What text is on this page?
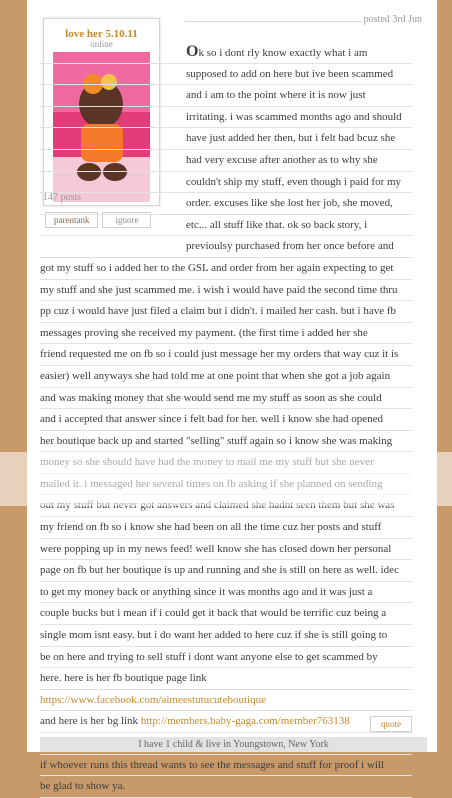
posted 3rd Jun
love her 5.10.11
online
147 posts
parentank	ignore
Ok so i dont rly know exactly what i am
supposed to add on here but ive been scammed
and i am to the point where it is now just
irritating. i was scammed months ago and should
have just added her then, but i felt bad bcuz she
had very excuse after another as to why she
couldn't ship my stuff, even though i paid for my
order. excuses like she lost her job, she moved,
etc... all stuff like that. ok so back story, i
previoulsy purchased from her once before and
got my stuff so i added her to the GSL and order from her again expecting to get
my stuff and she just scammed me. i wish i would have paid the second time thru
pp cuz i would have just filed a claim but i didn't. i mailed her cash. but i have fb
messages proving she received my payment. (the first time i added her she
friend requested me on fb so i could just message her my orders that way cuz it is
easier) well anyways she had told me at one point that when she got a job again
and was making money that she would send me my stuff as soon as she could
and i accepted that answer since i felt bad for her. well i know she had opened
her boutique back up and started "selling" stuff again so i know she was making
my friend on fb so i know she had been on all the time cuz her posts and stuff
were popping up in my news feed! well know she has closed down her personal
page on fb but her boutique is up and running and she is still on here as well. idec
to get my money back or anything since it was months ago and it was just a
couple bucks but i mean if i could get it back that would be terrific cuz being a
single mom isnt easy. but i do want her added to here cuz if she is still going to
be on here and trying to sell stuff i dont want anyone else to get scammed by
here. here is her fb boutique page link
https://www.facebook.com/aimeestutucuteboutique
and here is her bg link http://members.baby-gaga.com/member763138
if whoever runs this thread wants to see the messages and stuff for proof i will
be glad to show ya.
quote
I have 1 child & live in Youngstown, New York
